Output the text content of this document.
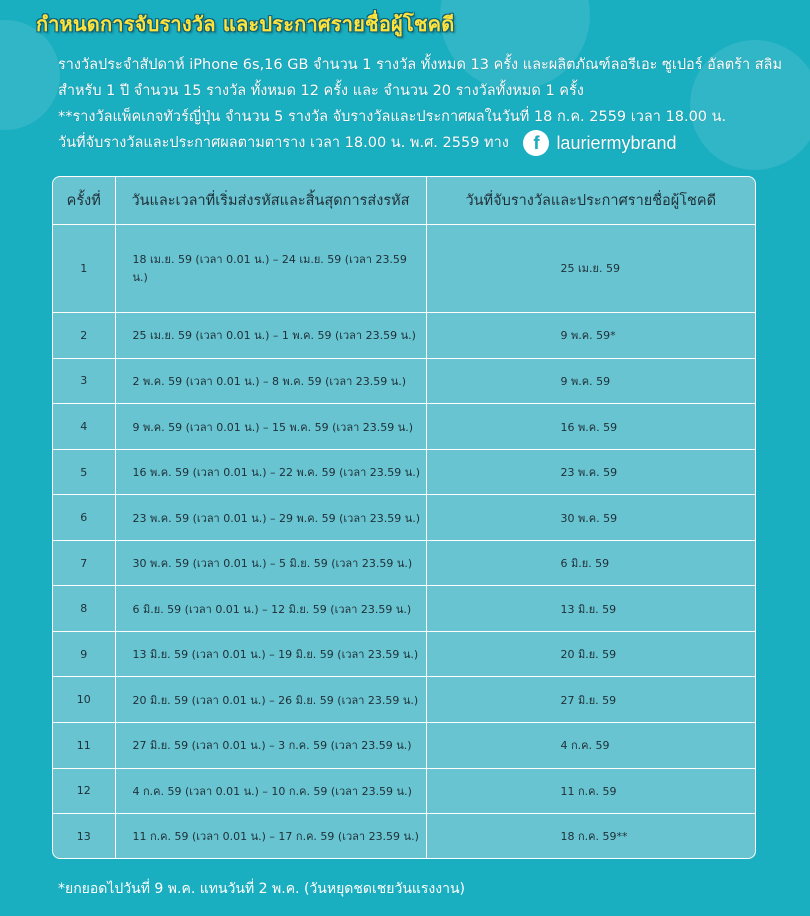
กำหนดการจับรางวัล และประกาศรายชื่อผู้โชคดี

รางวัลประจำสัปดาห์ iPhone 6s,16 GB จำนวน 1 รางวัล ทั้งหมด 13 ครั้ง และผลิตภัณฑ์ลอรีเอะ ซูเปอร์ อัลตร้า สลิม

สำหรับ 1 ปี จำนวน 15 รางวัล ทั้งหมด 12 ครั้ง และ จำนวน 20 รางวัลทั้งหมด 1 ครั้ง

**รางวัลแพ็คเกจทัวร์ญี่ปุ่น จำนวน 5 รางวัล จับรางวัลและประกาศผลในวันที่ 18 ก.ค. 2559 เวลา 18.00 น.

วันที่จับรางวัลและประกาศผลตามตาราง เวลา 18.00 น. พ.ศ. 2559 ทาง	f lauriermybrand

ครั้งที่	วันและเวลาที่เริ่มส่งรหัสและสิ้นสุดการส่งรหัส	วันที่จับรางวัลและประกาศรายชื่อผู้โชคดี
1	18 เม.ย. 59 (เวลา 0.01 น.) – 24 เม.ย. 59 (เวลา 23.59 น.)	25 เม.ย. 59
2	25 เม.ย. 59 (เวลา 0.01 น.) – 1 พ.ค. 59 (เวลา 23.59 น.)	9 พ.ค. 59*
3	2 พ.ค. 59 (เวลา 0.01 น.) – 8 พ.ค. 59 (เวลา 23.59 น.)	9 พ.ค. 59
4	9 พ.ค. 59 (เวลา 0.01 น.) – 15 พ.ค. 59 (เวลา 23.59 น.)	16 พ.ค. 59
5	16 พ.ค. 59 (เวลา 0.01 น.) – 22 พ.ค. 59 (เวลา 23.59 น.)	23 พ.ค. 59
6	23 พ.ค. 59 (เวลา 0.01 น.) – 29 พ.ค. 59 (เวลา 23.59 น.)	30 พ.ค. 59
7	30 พ.ค. 59 (เวลา 0.01 น.) – 5 มิ.ย. 59 (เวลา 23.59 น.)	6 มิ.ย. 59
8	6 มิ.ย. 59 (เวลา 0.01 น.) – 12 มิ.ย. 59 (เวลา 23.59 น.)	13 มิ.ย. 59
9	13 มิ.ย. 59 (เวลา 0.01 น.) – 19 มิ.ย. 59 (เวลา 23.59 น.)	20 มิ.ย. 59
10	20 มิ.ย. 59 (เวลา 0.01 น.) – 26 มิ.ย. 59 (เวลา 23.59 น.)	27 มิ.ย. 59
11	27 มิ.ย. 59 (เวลา 0.01 น.) – 3 ก.ค. 59 (เวลา 23.59 น.)	4 ก.ค. 59
12	4 ก.ค. 59 (เวลา 0.01 น.) – 10 ก.ค. 59 (เวลา 23.59 น.)	11 ก.ค. 59
13	11 ก.ค. 59 (เวลา 0.01 น.) – 17 ก.ค. 59 (เวลา 23.59 น.)	18 ก.ค. 59**

*ยกยอดไปวันที่ 9 พ.ค. แทนวันที่ 2 พ.ค. (วันหยุดชดเชยวันแรงงาน)
